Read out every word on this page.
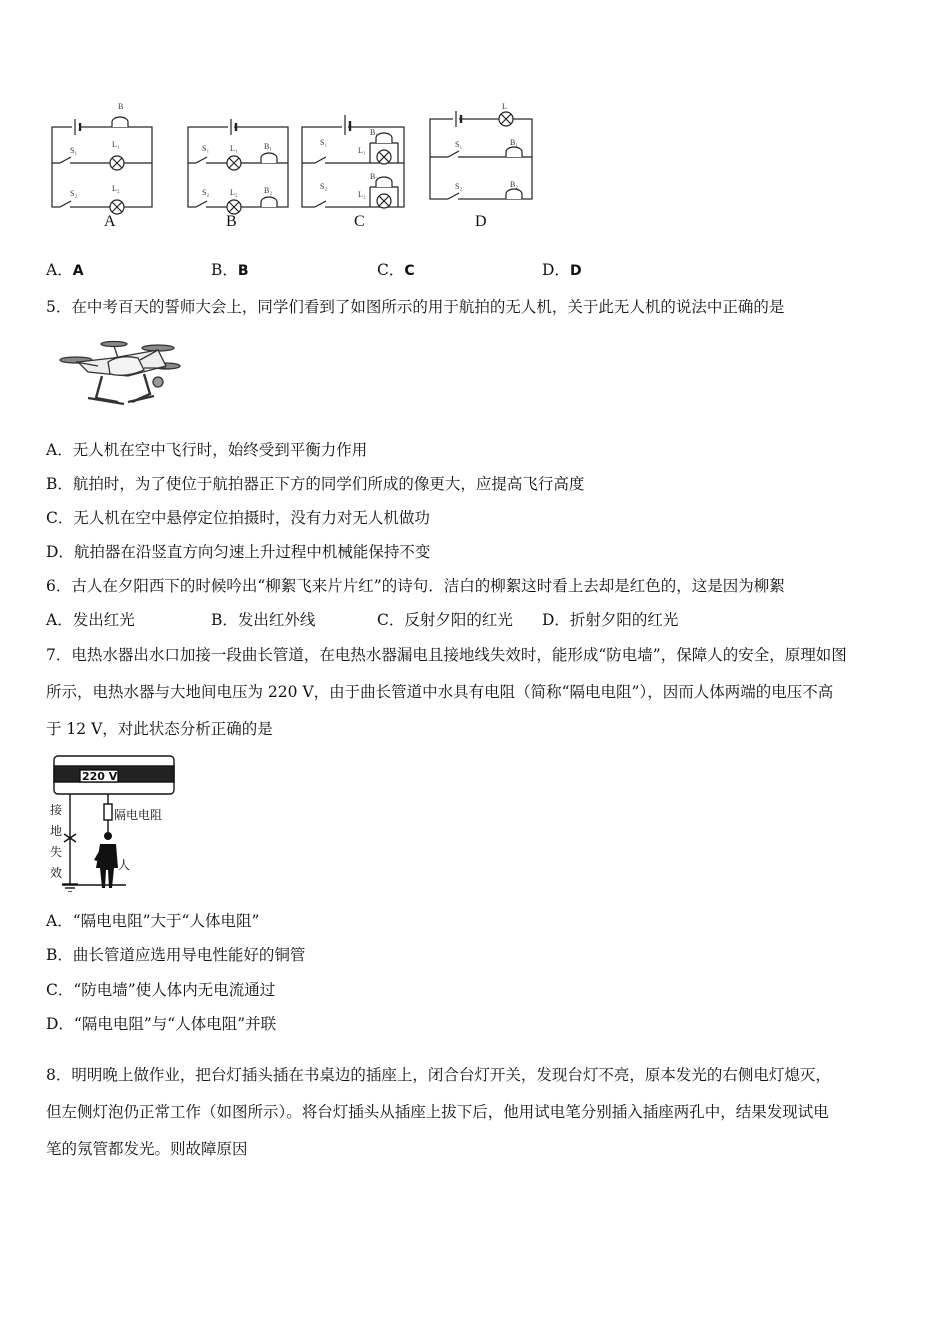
B
S₁
L₁
S₂
L₂
S₁	L₁	B₁
S₂	L₂	B₂
S₁
B₁
L₁
S₂
B₂
L₂
L
S₁	B₁
S₂	B₂
A	B	C	D
A．A	B．B	C．C	D．D
5．在中考百天的誓师大会上，同学们看到了如图所示的用于航拍的无人机，关于此无人机的说法中正确的是
A．无人机在空中飞行时，始终受到平衡力作用
B．航拍时，为了使位于航拍器正下方的同学们所成的像更大，应提高飞行高度
C．无人机在空中悬停定位拍摄时，没有力对无人机做功
D．航拍器在沿竖直方向匀速上升过程中机械能保持不变
6．古人在夕阳西下的时候吟出“柳絮飞来片片红”的诗句．洁白的柳絮这时看上去却是红色的，这是因为柳絮
A．发出红光	B．发出红外线	C．反射夕阳的红光 D．折射夕阳的红光
7．电热水器出水口加接一段曲长管道，在电热水器漏电且接地线失效时，能形成“防电墙”，保障人的安全，原理如图
所示，电热水器与大地间电压为 220 V，由于曲长管道中水具有电阻（简称“隔电电阻”），因而人体两端的电压不高
于 12 V，对此状态分析正确的是
220 V
隔电电阻
人
接
地
失
效
A．“隔电电阻”大于“人体电阻”
B．曲长管道应选用导电性能好的铜管
C．“防电墙”使人体内无电流通过
D．“隔电电阻”与“人体电阻”并联
8．明明晚上做作业，把台灯插头插在书桌边的插座上，闭合台灯开关，发现台灯不亮，原本发光的右侧电灯熄灭，
但左侧灯泡仍正常工作（如图所示）。将台灯插头从插座上拔下后，他用试电笔分别插入插座两孔中，结果发现试电
笔的氖管都发光。则故障原因
